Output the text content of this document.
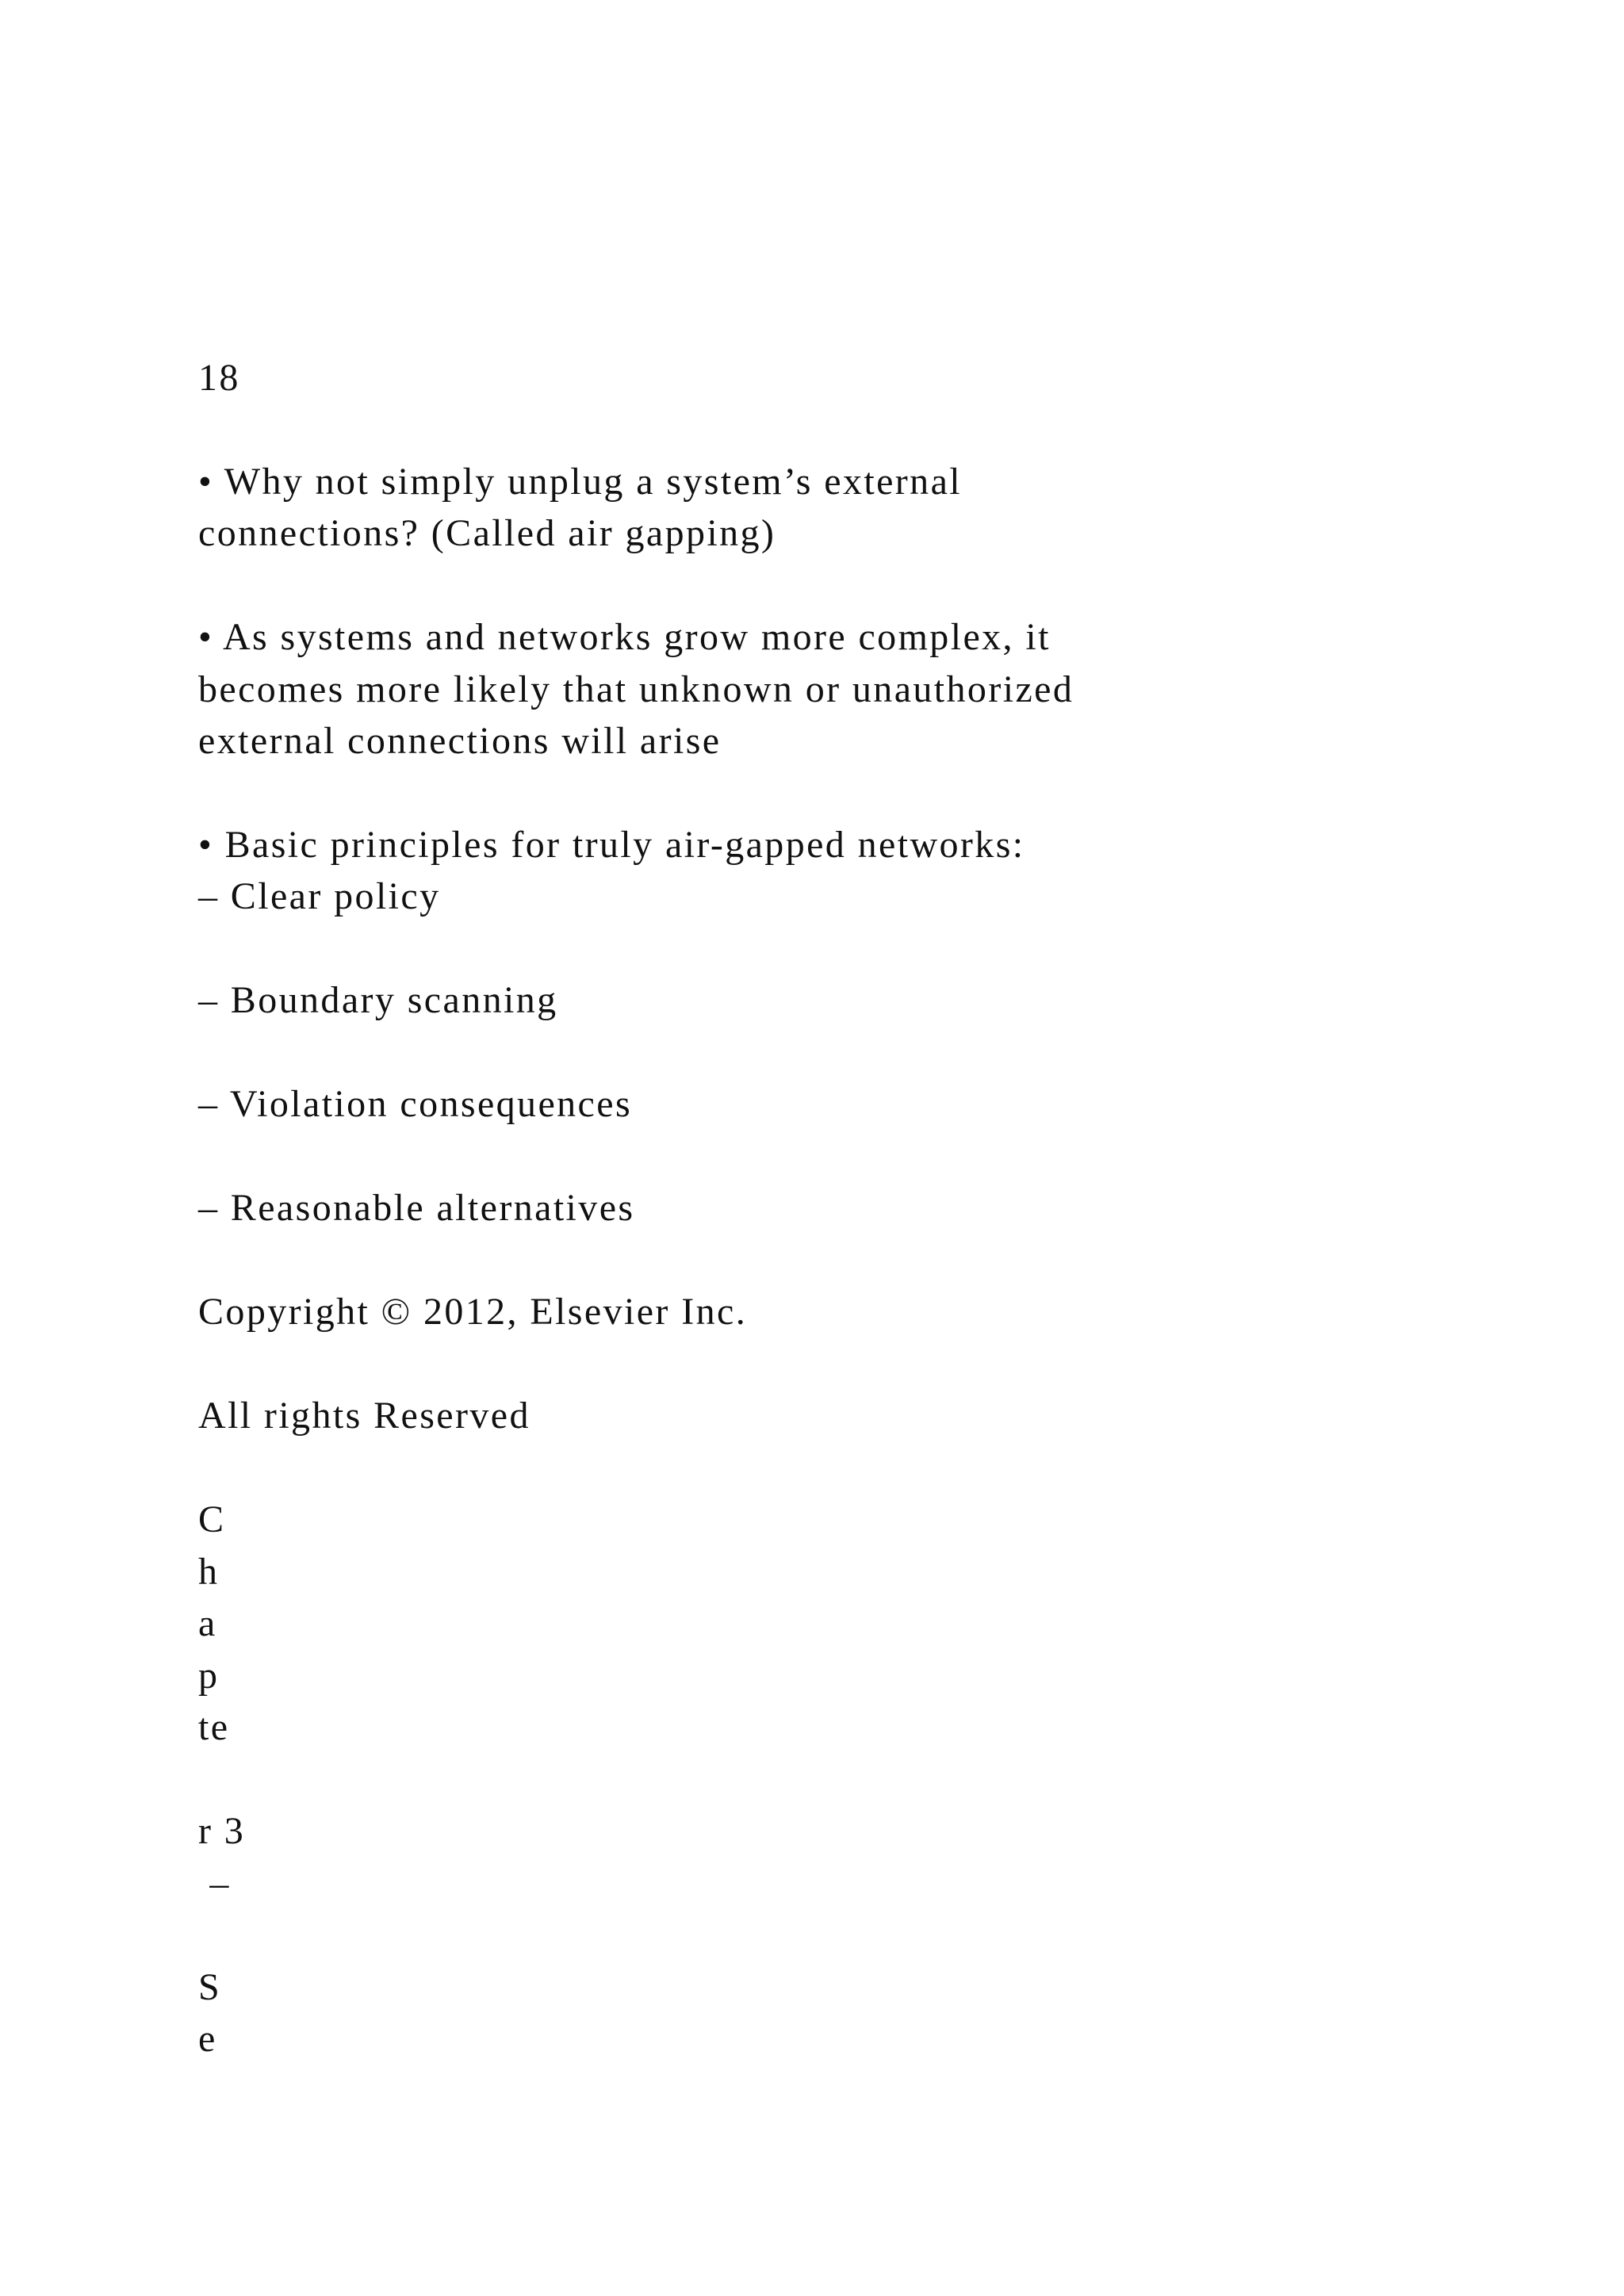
18

• Why not simply unplug a system’s external

connections? (Called air gapping)

• As systems and networks grow more complex, it

becomes more likely that unknown or unauthorized

external connections will arise

• Basic principles for truly air-gapped networks:

– Clear policy

– Boundary scanning

– Violation consequences

– Reasonable alternatives

Copyright © 2012, Elsevier Inc.

All rights Reserved

C

h

a

p

te

r 3

–

S

e
